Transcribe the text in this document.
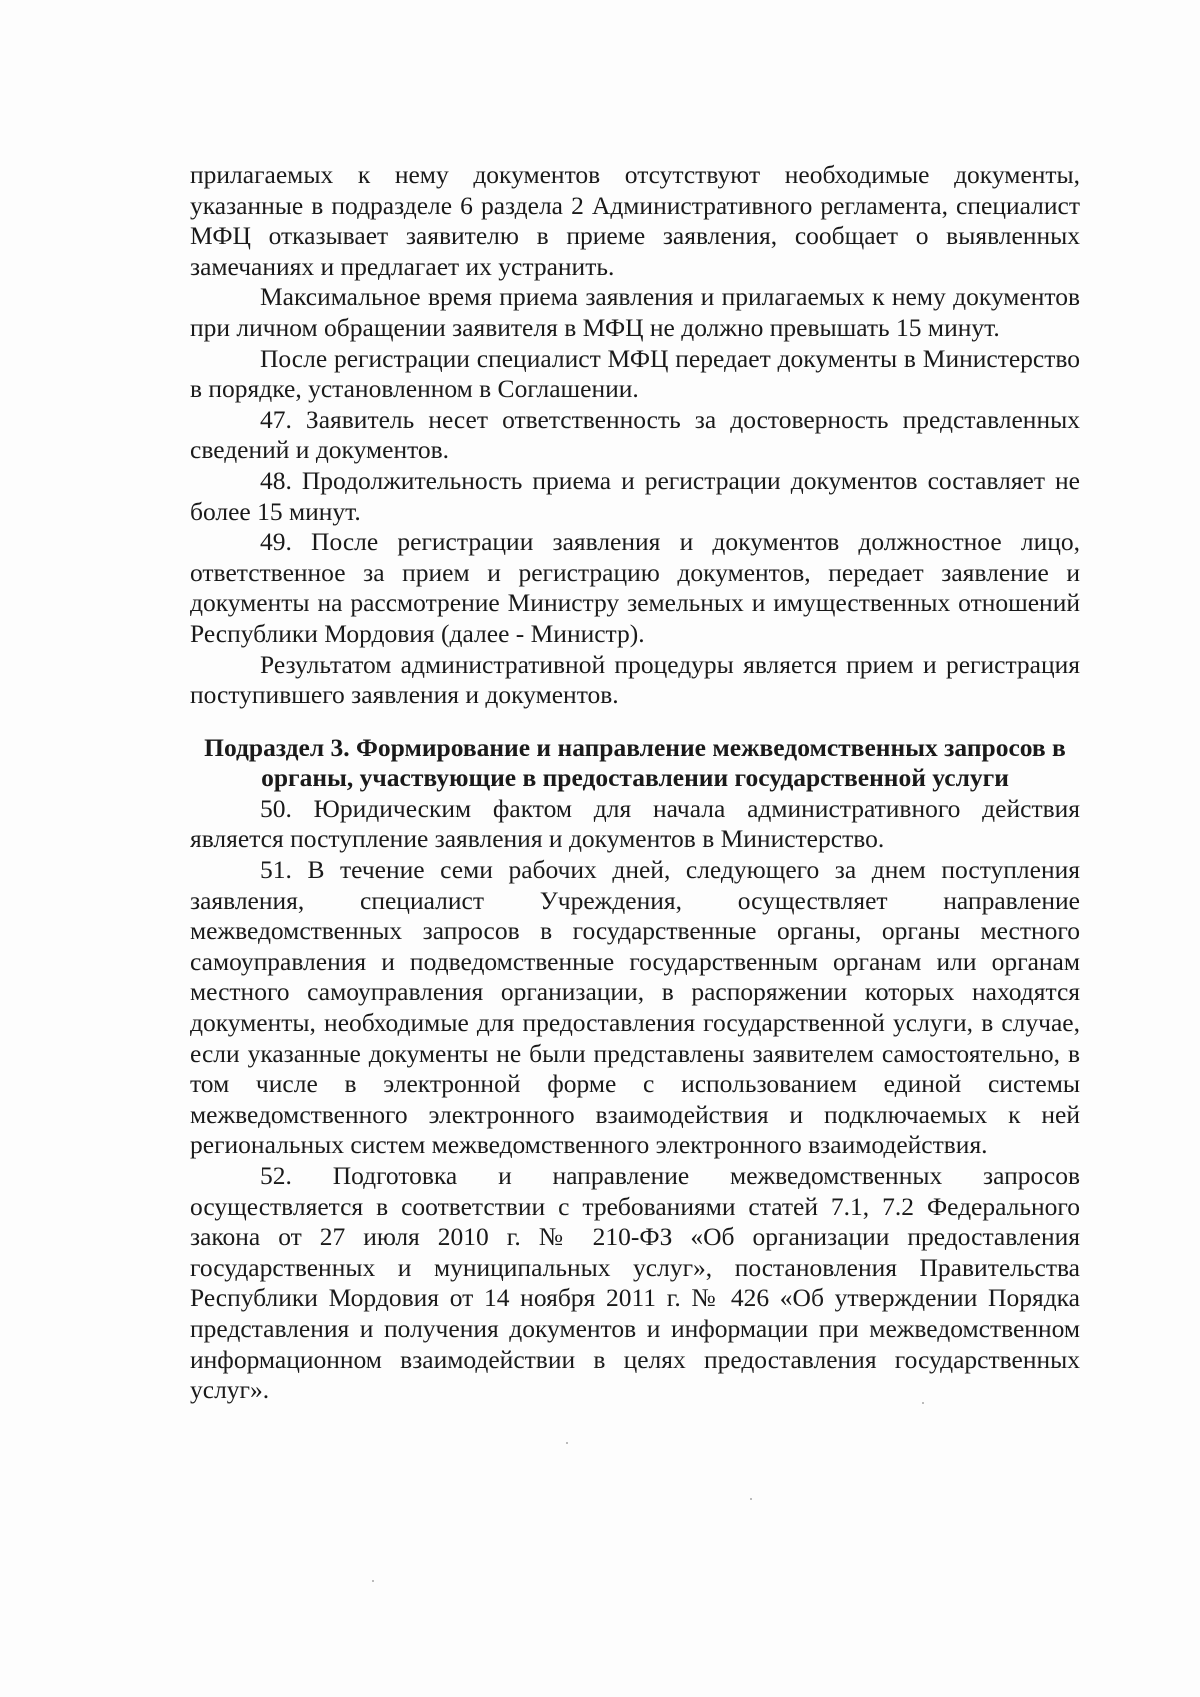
прилагаемых к нему документов отсутствуют необходимые документы, указанные в подразделе 6 раздела 2 Административного регламента, специалист МФЦ отказывает заявителю в приеме заявления, сообщает о выявленных замечаниях и предлагает их устранить.

Максимальное время приема заявления и прилагаемых к нему документов при личном обращении заявителя в МФЦ не должно превышать 15 минут.

После регистрации специалист МФЦ передает документы в Министерство в порядке, установленном в Соглашении.

47. Заявитель несет ответственность за достоверность представленных сведений и документов.

48. Продолжительность приема и регистрации документов составляет не более 15 минут.

49. После регистрации заявления и документов должностное лицо, ответственное за прием и регистрацию документов, передает заявление и документы на рассмотрение Министру земельных и имущественных отношений Республики Мордовия (далее - Министр).

Результатом административной процедуры является прием и регистрация поступившего заявления и документов.

Подраздел 3. Формирование и направление межведомственных запросов в органы, участвующие в предоставлении государственной услуги

50. Юридическим фактом для начала административного действия является поступление заявления и документов в Министерство.

51. В течение семи рабочих дней, следующего за днем поступления заявления, специалист Учреждения, осуществляет направление межведомственных запросов в государственные органы, органы местного самоуправления и подведомственные государственным органам или органам местного самоуправления организации, в распоряжении которых находятся документы, необходимые для предоставления государственной услуги, в случае, если указанные документы не были представлены заявителем самостоятельно, в том числе в электронной форме с использованием единой системы межведомственного электронного взаимодействия и подключаемых к ней региональных систем межведомственного электронного взаимодействия.

52. Подготовка и направление межведомственных запросов осуществляется в соответствии с требованиями статей 7.1, 7.2 Федерального закона от 27 июля 2010 г. № 210-ФЗ «Об организации предоставления государственных и муниципальных услуг», постановления Правительства Республики Мордовия от 14 ноября 2011 г. № 426 «Об утверждении Порядка представления и получения документов и информации при межведомственном информационном взаимодействии в целях предоставления государственных услуг».
